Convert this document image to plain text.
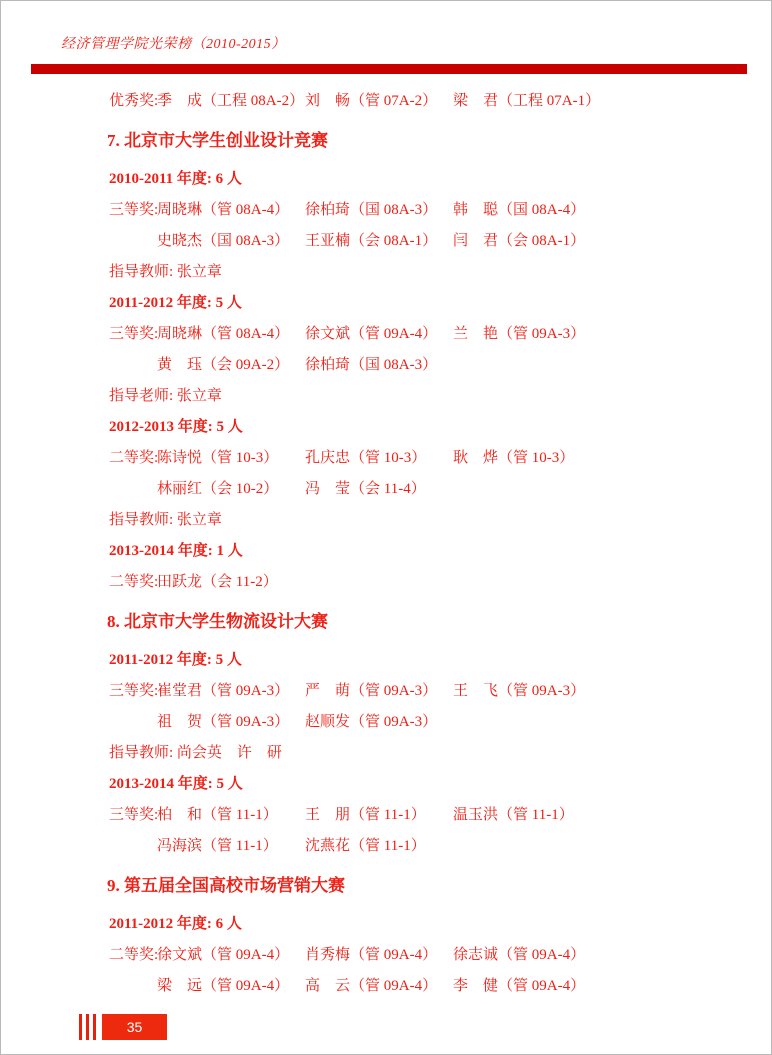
经济管理学院光荣榜（2010-2015）
优秀奖:季　成（工程 08A-2）刘　畅（管 07A-2） 梁　君（工程 07A-1）
7. 北京市大学生创业设计竞赛
2010-2011 年度: 6 人
三等奖:周晓琳（管 08A-4） 徐柏琦（国 08A-3） 韩　聪（国 08A-4）
史晓杰（国 08A-3） 王亚楠（会 08A-1） 闫　君（会 08A-1）
指导教师: 张立章
2011-2012 年度: 5 人
三等奖:周晓琳（管 08A-4） 徐文斌（管 09A-4） 兰　艳（管 09A-3）
黄　珏（会 09A-2） 徐柏琦（国 08A-3）
指导老师: 张立章
2012-2013 年度: 5 人
二等奖:陈诗悦（管 10-3） 孔庆忠（管 10-3） 耿　烨（管 10-3）
林丽红（会 10-2） 冯　莹（会 11-4）
指导教师: 张立章
2013-2014 年度: 1 人
二等奖:田跃龙（会 11-2）
8. 北京市大学生物流设计大赛
2011-2012 年度: 5 人
三等奖:崔堂君（管 09A-3） 严　萌（管 09A-3） 王　飞（管 09A-3）
祖　贺（管 09A-3） 赵顺发（管 09A-3）
指导教师: 尚会英　许　研
2013-2014 年度: 5 人
三等奖:柏　和（管 11-1） 王　朋（管 11-1） 温玉洪（管 11-1）
冯海滨（管 11-1） 沈燕花（管 11-1）
9. 第五届全国高校市场营销大赛
2011-2012 年度: 6 人
二等奖:徐文斌（管 09A-4） 肖秀梅（管 09A-4） 徐志诚（管 09A-4）
梁　远（管 09A-4） 高　云（管 09A-4） 李　健（管 09A-4）
35
